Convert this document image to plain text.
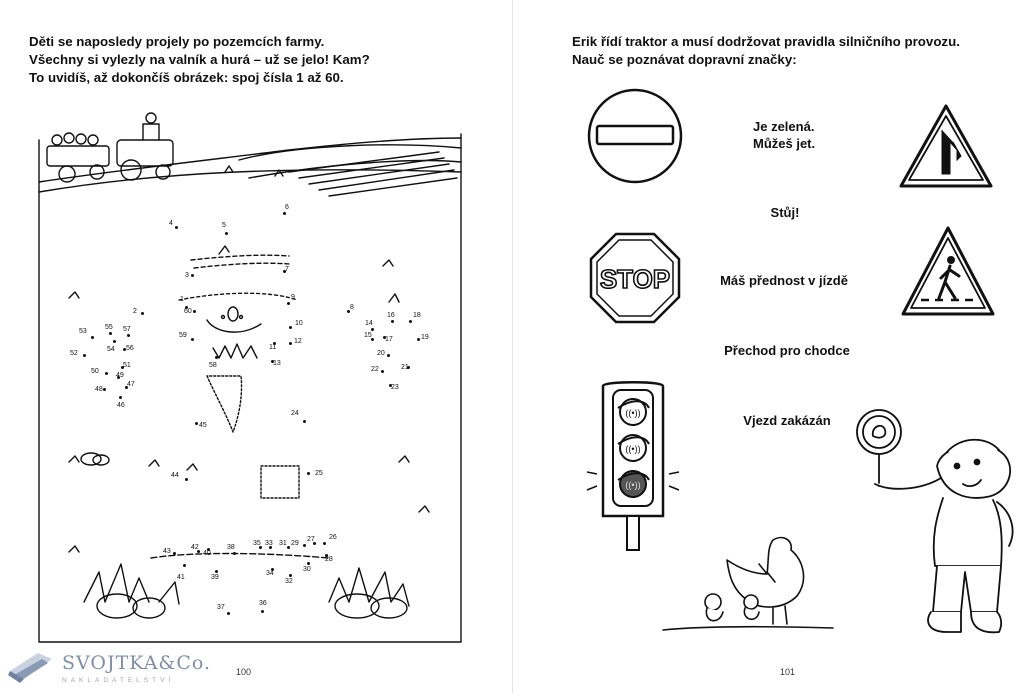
Děti se naposledy projely po pozemcích farmy.
Všechny si vylezly na valník a hurá – už se jelo! Kam?
To uvidíš, až dokončíš obrázek: spoj čísla 1 až 60.

1
2
3
4	5
6
7
8
9
10
11
12
13
14
15
16
17
18
19
20
21
22
23
24
25
26
27
28
29
30
31
32
33
34
35
36
37
38
39
40
41
42
43
44
45
46
47
48
49
50
51
52
53
54
55
56
57
58
59
60
100
SVOJTKA&Co.
NAKLADATELSTVÍ

Erik řídí traktor a musí dodržovat pravidla silničního provozu.
Nauč se poznávat dopravní značky:

STOP
((•))
((•))
((•))
Je zelená.
Můžeš jet.
Stůj!
Máš přednost v jízdě
Přechod pro chodce
Vjezd zakázán
101
